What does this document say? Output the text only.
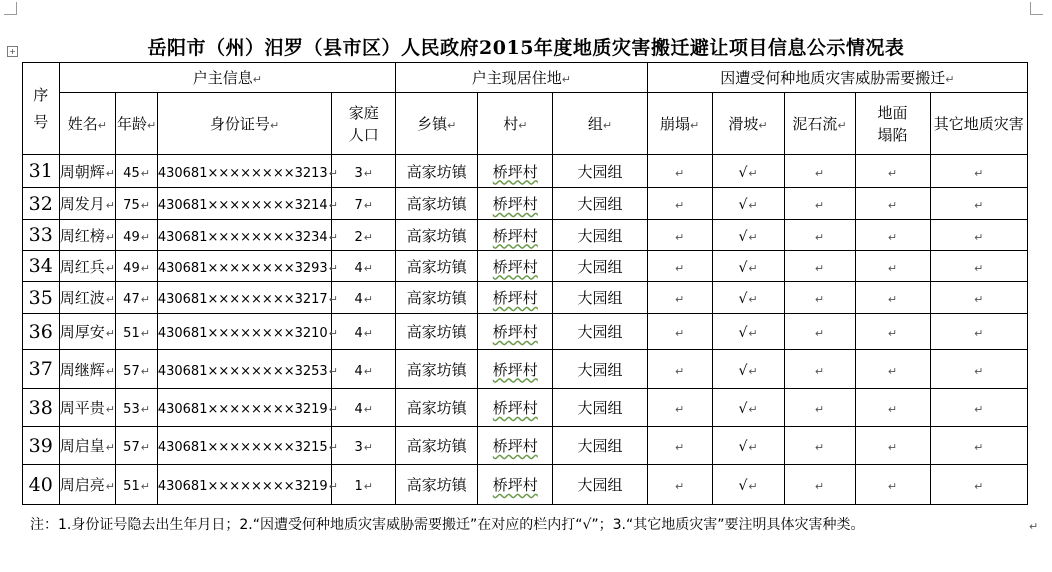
+	岳阳市（州）汨罗（县市区）人民政府2015年度地质灾害搬迁避让项目信息公示情况表
序号	户主信息↵				户主现居住地↵			因遭受何种地质灾害威胁需要搬迁↵				
	姓名↵	年龄↵	身份证号↵	家庭人口	乡镇↵	村↵	组↵	崩塌↵	滑坡↵	泥石流↵	地面塌陷	其它地质灾害
31	周朝辉↵	45↵	430681××××××××3213↵	3↵	高家坊镇	桥坪村	大园组	↵	√↵	↵	↵	↵
32	周发月↵	75↵	430681××××××××3214↵	7↵	高家坊镇	桥坪村	大园组	↵	√↵	↵	↵	↵
33	周红榜↵	49↵	430681××××××××3234↵	2↵	高家坊镇	桥坪村	大园组	↵	√↵	↵	↵	↵
34	周红兵↵	49↵	430681××××××××3293↵	4↵	高家坊镇	桥坪村	大园组	↵	√↵	↵	↵	↵
35	周红波↵	47↵	430681××××××××3217↵	4↵	高家坊镇	桥坪村	大园组	↵	√↵	↵	↵	↵
36	周厚安↵	51↵	430681××××××××3210↵	4↵	高家坊镇	桥坪村	大园组	↵	√↵	↵	↵	↵
37	周继辉↵	57↵	430681××××××××3253↵	4↵	高家坊镇	桥坪村	大园组	↵	√↵	↵	↵	↵
38	周平贵↵	53↵	430681××××××××3219↵	4↵	高家坊镇	桥坪村	大园组	↵	√↵	↵	↵	↵
39	周启皇↵	57↵	430681××××××××3215↵	3↵	高家坊镇	桥坪村	大园组	↵	√↵	↵	↵	↵
40	周启亮↵	51↵	430681××××××××3219↵	1↵	高家坊镇	桥坪村	大园组	↵	√↵	↵	↵	↵
注：1.身份证号隐去出生年月日；2.“因遭受何种地质灾害威胁需要搬迁”在对应的栏内打“√”；3.“其它地质灾害”要注明具体灾害种类。	↵
